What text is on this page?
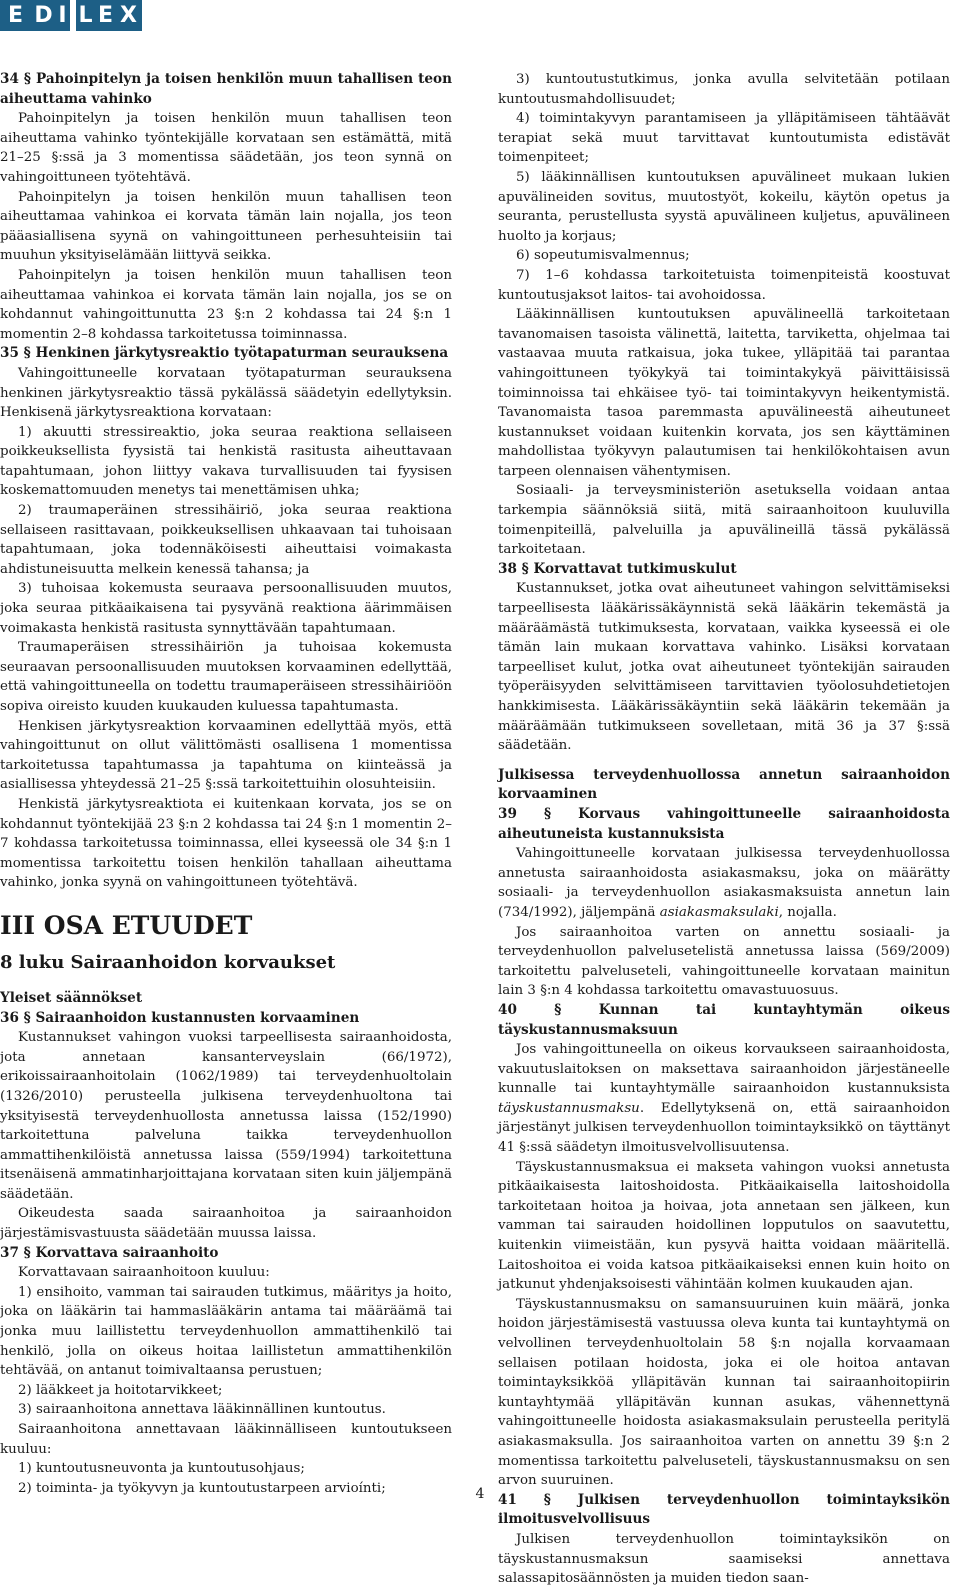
E D I L E X

34 § Pahoinpitelyn ja toisen henkilön muun tahallisen teon aiheuttama vahinko

Pahoinpitelyn ja toisen henkilön muun tahallisen teon aiheuttama vahinko työntekijälle korvataan sen estämättä, mitä 21–25 §:ssä ja 3 momentissa säädetään, jos teon synnä on vahingoittuneen työtehtävä.

Pahoinpitelyn ja toisen henkilön muun tahallisen teon aiheuttamaa vahinkoa ei korvata tämän lain nojalla, jos teon pääasiallisena syynä on vahingoittuneen perhesuhteisiin tai muuhun yksityiselämään liittyvä seikka.

Pahoinpitelyn ja toisen henkilön muun tahallisen teon aiheuttamaa vahinkoa ei korvata tämän lain nojalla, jos se on kohdannut vahingoittunutta 23 §:n 2 kohdassa tai 24 §:n 1 momentin 2–8 kohdassa tarkoitetussa toiminnassa.

35 § Henkinen järkytysreaktio työtapaturman seurauksena

Vahingoittuneelle korvataan työtapaturman seurauksena henkinen järkytysreaktio tässä pykälässä säädetyin edellytyksin. Henkisenä järkytysreaktiona korvataan:

1) akuutti stressireaktio, joka seuraa reaktiona sellaiseen poikkeuksellista fyysistä tai henkistä rasitusta aiheuttavaan tapahtumaan, johon liittyy vakava turvallisuuden tai fyysisen koskemattomuuden menetys tai menettämisen uhka;

2) traumaperäinen stressihäiriö, joka seuraa reaktiona sellaiseen rasittavaan, poikkeuksellisen uhkaavaan tai tuhoisaan tapahtumaan, joka todennäköisesti aiheuttaisi voimakasta ahdistuneisuutta melkein kenessä tahansa; ja

3) tuhoisaa kokemusta seuraava persoonallisuuden muutos, joka seuraa pitkäaikaisena tai pysyvänä reaktiona äärimmäisen voimakasta henkistä rasitusta synnyttävään tapahtumaan.

Traumaperäisen stressihäiriön ja tuhoisaa kokemusta seuraavan persoonallisuuden muutoksen korvaaminen edellyttää, että vahingoittuneella on todettu traumaperäiseen stressihäiriöön sopiva oireisto kuuden kuukauden kuluessa tapahtumasta.

Henkisen järkytysreaktion korvaaminen edellyttää myös, että vahingoittunut on ollut välittömästi osallisena 1 momentissa tarkoitetussa tapahtumassa ja tapahtuma on kiinteässä ja asiallisessa yhteydessä 21–25 §:ssä tarkoitettuihin olosuhteisiin.

Henkistä järkytysreaktiota ei kuitenkaan korvata, jos se on kohdannut työntekijää 23 §:n 2 kohdassa tai 24 §:n 1 momentin 2–7 kohdassa tarkoitetussa toiminnassa, ellei kyseessä ole 34 §:n 1 momentissa tarkoitettu toisen henkilön tahallaan aiheuttama vahinko, jonka syynä on vahingoittuneen työtehtävä.

III OSA ETUUDET
8 luku Sairaanhoidon korvaukset

Yleiset säännökset

36 § Sairaanhoidon kustannusten korvaaminen

Kustannukset vahingon vuoksi tarpeellisesta sairaanhoidosta, jota annetaan kansanterveyslain (66/1972), erikoissairaanhoitolain (1062/1989) tai terveydenhuoltolain (1326/2010) perusteella julkisena terveydenhuoltona tai yksityisestä terveydenhuollosta annetussa laissa (152/1990) tarkoitettuna palveluna taikka terveydenhuollon ammattihenkilöistä annetussa laissa (559/1994) tarkoitettuna itsenäisenä ammatinharjoittajana korvataan siten kuin jäljempänä säädetään.

Oikeudesta saada sairaanhoitoa ja sairaanhoidon järjestämisvastuusta säädetään muussa laissa.

37 § Korvattava sairaanhoito

Korvattavaan sairaanhoitoon kuuluu:

1) ensihoito, vamman tai sairauden tutkimus, määritys ja hoito, joka on lääkärin tai hammaslääkärin antama tai määräämä tai jonka muu laillistettu terveydenhuollon ammattihenkilö tai henkilö, jolla on oikeus hoitaa laillistetun ammattihenkilön tehtävää, on antanut toimivaltaansa perustuen;

2) lääkkeet ja hoitotarvikkeet;

3) sairaanhoitona annettava lääkinnällinen kuntoutus.

Sairaanhoitona annettavaan lääkinnälliseen kuntoutukseen kuuluu:

1) kuntoutusneuvonta ja kuntoutusohjaus;

2) toiminta- ja työkyvyn ja kuntoutustarpeen arvioínti;

3) kuntoutustutkimus, jonka avulla selvitetään potilaan kuntoutusmahdollisuudet;

4) toimintakyvyn parantamiseen ja ylläpitämiseen tähtäävät terapiat sekä muut tarvittavat kuntoutumista edistävät toimenpiteet;

5) lääkinnällisen kuntoutuksen apuvälineet mukaan lukien apuvälineiden sovitus, muutostyöt, kokeilu, käytön opetus ja seuranta, perustellusta syystä apuvälineen kuljetus, apuvälineen huolto ja korjaus;

6) sopeutumisvalmennus;

7) 1–6 kohdassa tarkoitetuista toimenpiteistä koostuvat kuntoutusjaksot laitos- tai avohoidossa.

Lääkinnällisen kuntoutuksen apuvälineellä tarkoitetaan tavanomaisen tasoista välinettä, laitetta, tarviketta, ohjelmaa tai vastaavaa muuta ratkaisua, joka tukee, ylläpitää tai parantaa vahingoittuneen työkykyä tai toimintakykyä päivittäisissä toiminnoissa tai ehkäisee työ- tai toimintakyvyn heikentymistä. Tavanomaista tasoa paremmasta apuvälineestä aiheutuneet kustannukset voidaan kuitenkin korvata, jos sen käyttäminen mahdollistaa työkyvyn palautumisen tai henkilökohtaisen avun tarpeen olennaisen vähentymisen.

Sosiaali- ja terveysministeriön asetuksella voidaan antaa tarkempia säännöksiä siitä, mitä sairaanhoitoon kuuluvilla toimenpiteillä, palveluilla ja apuvälineillä tässä pykälässä tarkoitetaan.

38 § Korvattavat tutkimuskulut

Kustannukset, jotka ovat aiheutuneet vahingon selvittämiseksi tarpeellisesta lääkärissäkäynnistä sekä lääkärin tekemästä ja määräämästä tutkimuksesta, korvataan, vaikka kyseessä ei ole tämän lain mukaan korvattava vahinko. Lisäksi korvataan tarpeelliset kulut, jotka ovat aiheutuneet työntekijän sairauden työperäisyyden selvittämiseen tarvittavien työolosuhdetietojen hankkimisesta. Lääkärissäkäyntiin sekä lääkärin tekemään ja määräämään tutkimukseen sovelletaan, mitä 36 ja 37 §:ssä säädetään.

Julkisessa terveydenhuollossa annetun sairaanhoidon korvaaminen

39 § Korvaus vahingoittuneelle sairaanhoidosta aiheutuneista kustannuksista

Vahingoittuneelle korvataan julkisessa terveydenhuollossa annetusta sairaanhoidosta asiakasmaksu, joka on määrätty sosiaali- ja terveydenhuollon asiakasmaksuista annetun lain (734/1992), jäljempänä asiakasmaksulaki, nojalla.

Jos sairaanhoitoa varten on annettu sosiaali- ja terveydenhuollon palvelusetelistä annetussa laissa (569/2009) tarkoitettu palveluseteli, vahingoittuneelle korvataan mainitun lain 3 §:n 4 kohdassa tarkoitettu omavastuuosuus.

40 § Kunnan tai kuntayhtymän oikeus täyskustannusmaksuun

Jos vahingoittuneella on oikeus korvaukseen sairaanhoidosta, vakuutuslaitoksen on maksettava sairaanhoidon järjestäneelle kunnalle tai kuntayhtymälle sairaanhoidon kustannuksista täyskustannusmaksu. Edellytyksenä on, että sairaanhoidon järjestänyt julkisen terveydenhuollon toimintayksikkö on täyttänyt 41 §:ssä säädetyn ilmoitusvelvollisuutensa.

Täyskustannusmaksua ei makseta vahingon vuoksi annetusta pitkäaikaisesta laitoshoidosta. Pitkäaikaisella laitoshoidolla tarkoitetaan hoitoa ja hoivaa, jota annetaan sen jälkeen, kun vamman tai sairauden hoidollinen lopputulos on saavutettu, kuitenkin viimeistään, kun pysyvä haitta voidaan määritellä. Laitoshoitoa ei voida katsoa pitkäaikaiseksi ennen kuin hoito on jatkunut yhdenjaksoisesti vähintään kolmen kuukauden ajan.

Täyskustannusmaksu on samansuuruinen kuin määrä, jonka hoidon järjestämisestä vastuussa oleva kunta tai kuntayhtymä on velvollinen terveydenhuoltolain 58 §:n nojalla korvaamaan sellaisen potilaan hoidosta, joka ei ole hoitoa antavan toimintayksikköä ylläpitävän kunnan tai sairaanhoitopiirin kuntayhtymää ylläpitävän kunnan asukas, vähennettynä vahingoittuneelle hoidosta asiakasmaksulain perusteella peritylä asiakasmaksulla. Jos sairaanhoitoa varten on annettu 39 §:n 2 momentissa tarkoitettu palveluseteli, täyskustannusmaksu on sen arvon suuruinen.

41 § Julkisen terveydenhuollon toimintayksikön ilmoitusvelvollisuus

Julkisen terveydenhuollon toimintayksikön on täyskustannusmaksun saamiseksi annettava salassapitosäännösten ja muiden tiedon saan-

4
